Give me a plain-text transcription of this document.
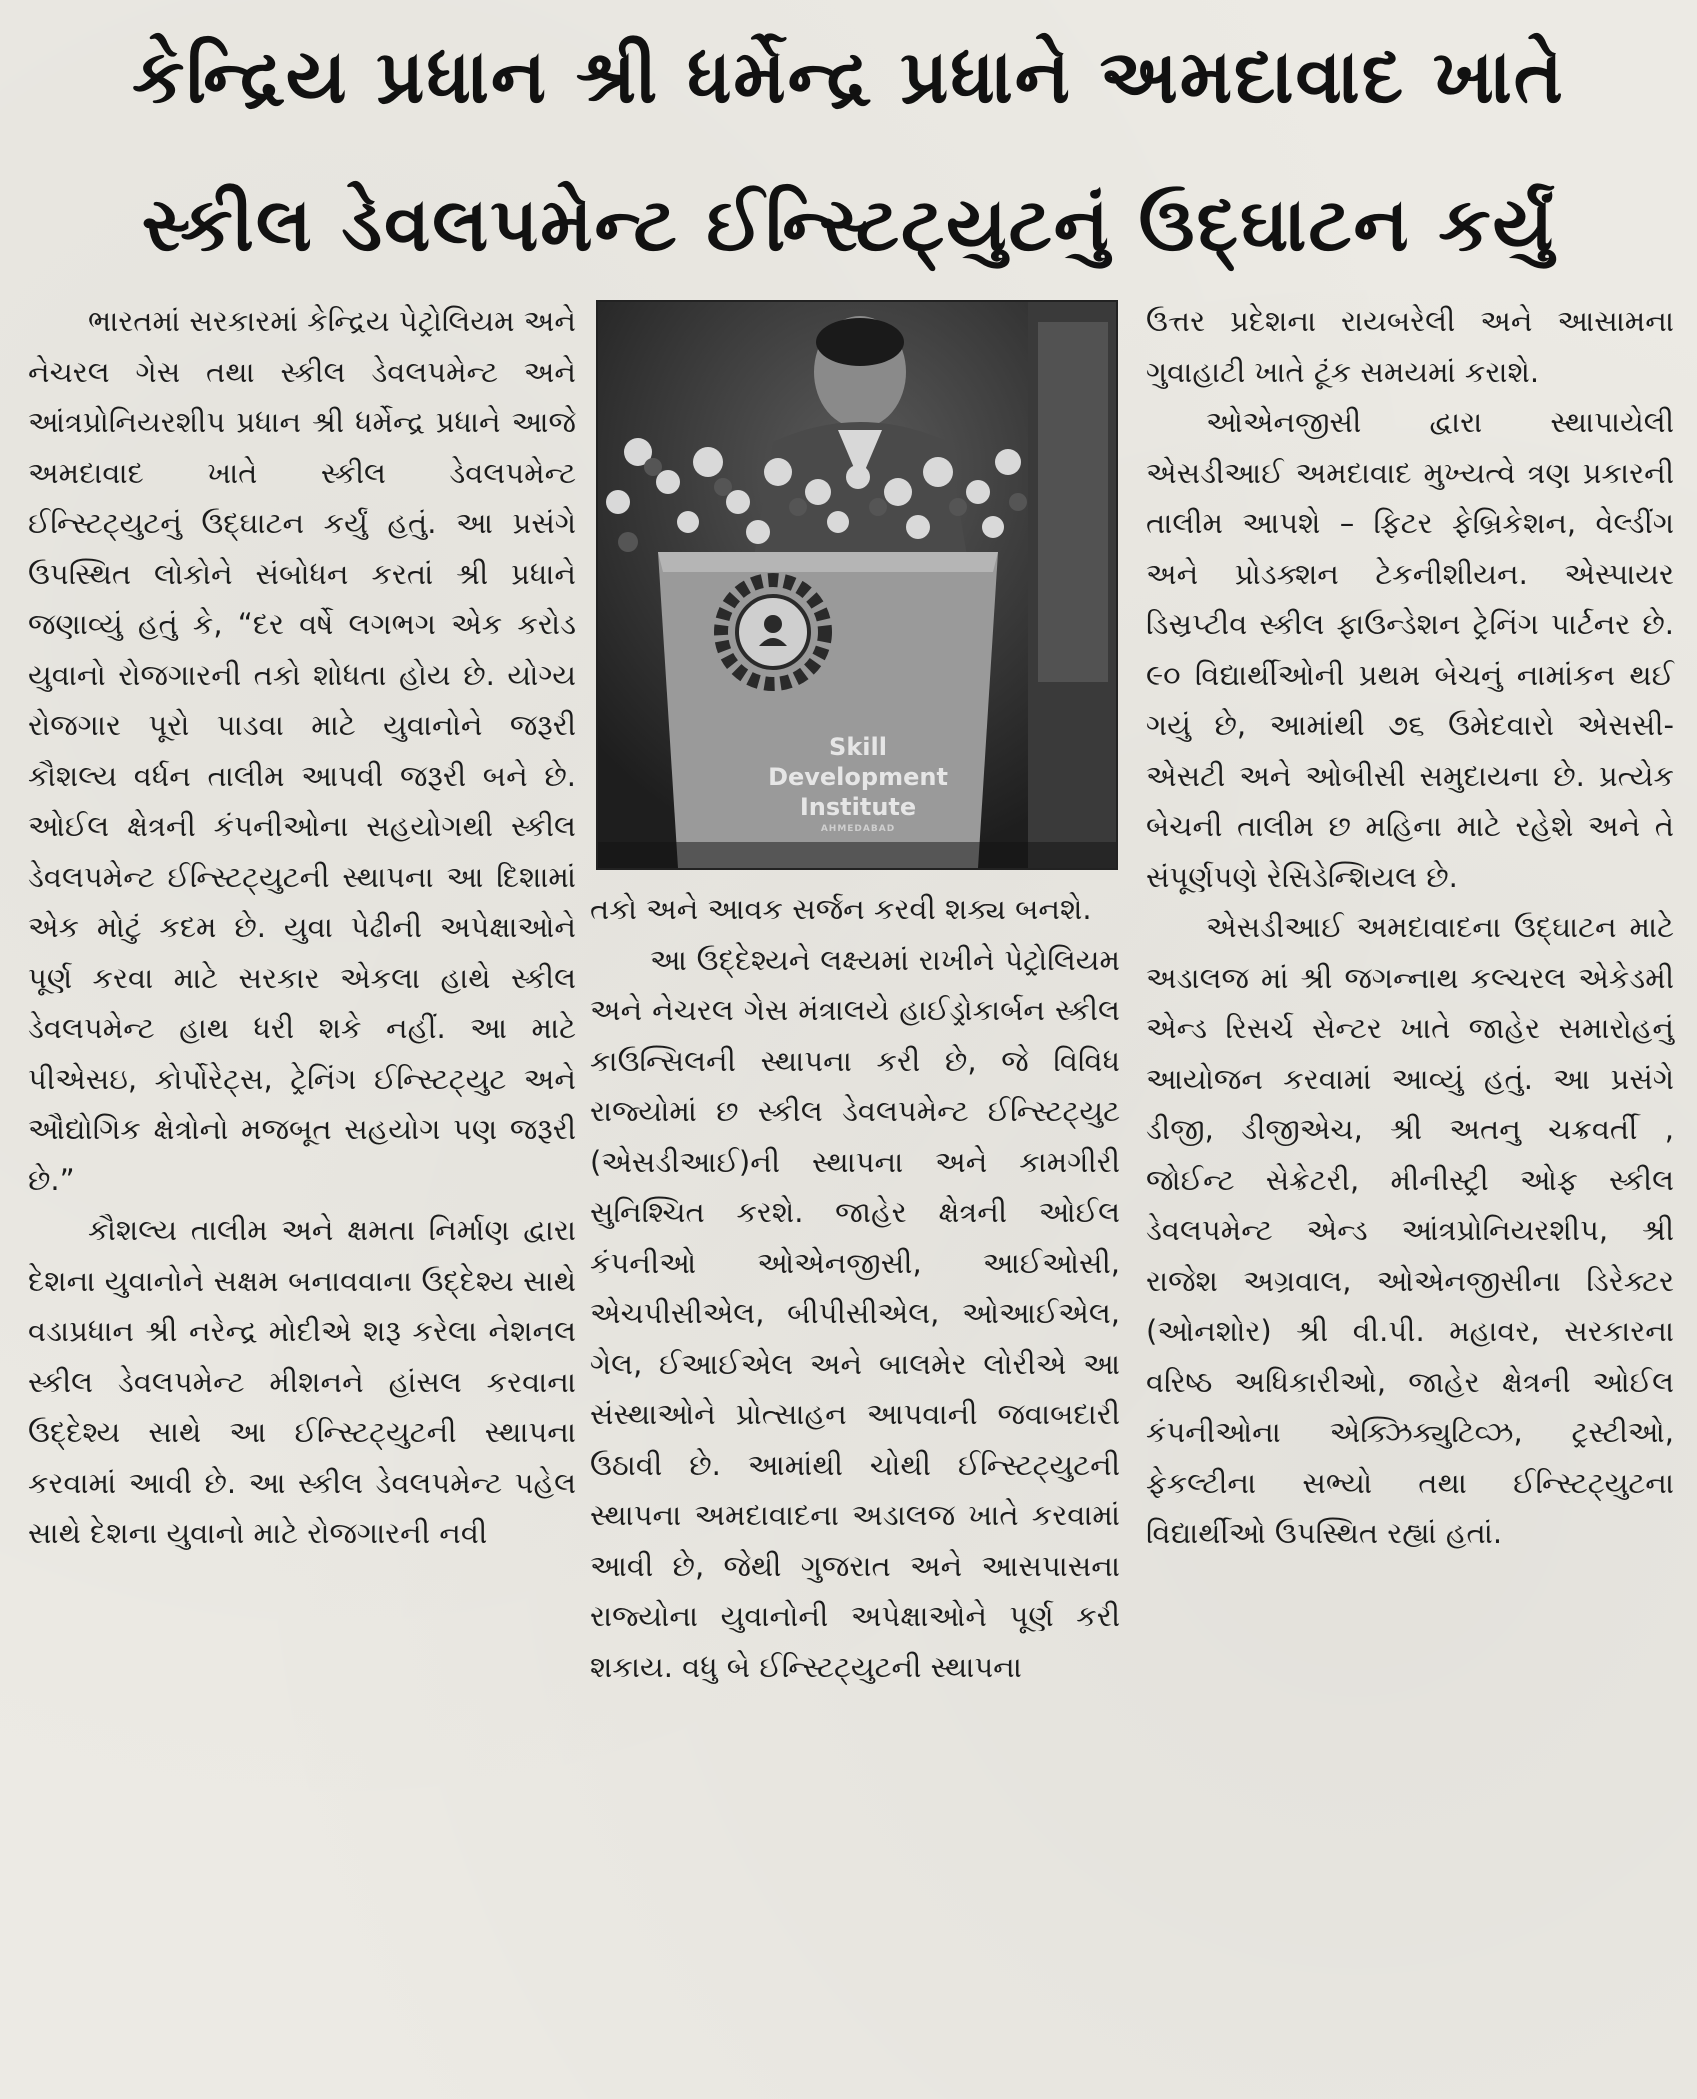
કેન્દ્રિય પ્રધાન શ્રી ધર્મેન્દ્ર પ્રધાને અમદાવાદ ખાતે
સ્કીલ ડેવલપમેન્ટ ઈન્સ્ટિટ્યુટનું ઉદ્ઘાટન કર્યું

ભારતમાં સરકારમાં કેન્દ્રિય પેટ્રોલિયમ અને નેચરલ ગેસ તથા સ્કીલ ડેવલપમેન્ટ અને આંત્રપ્રોનિયરશીપ પ્રધાન શ્રી ધર્મેન્દ્ર પ્રધાને આજે અમદાવાદ ખાતે સ્કીલ ડેવલપમેન્ટ ઈન્સ્ટિટ્યુટનું ઉદ્ઘાટન કર્યું હતું. આ પ્રસંગે ઉપસ્થિત લોકોને સંબોધન કરતાં શ્રી પ્રધાને જણાવ્યું હતું કે, “દર વર્ષે લગભગ એક કરોડ યુવાનો રોજગારની તકો શોધતા હોય છે. યોગ્ય રોજગાર પૂરો પાડવા માટે યુવાનોને જરૂરી કૌશલ્ય વર્ધન તાલીમ આપવી જરૂરી બને છે. ઓઈલ ક્ષેત્રની કંપનીઓના સહયોગથી સ્કીલ ડેવલપમેન્ટ ઈન્સ્ટિટ્યુટની સ્થાપના આ દિશામાં એક મોટું કદમ છે. યુવા પેઢીની અપેક્ષાઓને પૂર્ણ કરવા માટે સરકાર એકલા હાથે સ્કીલ ડેવલપમેન્ટ હાથ ધરી શકે નહીં. આ માટે પીએસઇ, કોર્પોરેટ્સ, ટ્રેનિંગ ઈન્સ્ટિટ્યુટ અને ઔદ્યોગિક ક્ષેત્રોનો મજબૂત સહયોગ પણ જરૂરી છે.”

કૌશલ્ય તાલીમ અને ક્ષમતા નિર્માણ દ્વારા દેશના યુવાનોને સક્ષમ બનાવવાના ઉદ્દેશ્ય સાથે વડાપ્રધાન શ્રી નરેન્દ્ર મોદીએ શરૂ કરેલા નેશનલ સ્કીલ ડેવલપમેન્ટ મીશનને હાંસલ કરવાના ઉદ્દેશ્ય સાથે આ ઈન્સ્ટિટ્યુટની સ્થાપના કરવામાં આવી છે. આ સ્કીલ ડેવલપમેન્ટ પહેલ સાથે દેશના યુવાનો માટે રોજગારની નવી

Skill
Development
Institute
AHMEDABAD

તકો અને આવક સર્જન કરવી શક્ય બનશે.

આ ઉદ્દેશ્યને લક્ષ્યમાં રાખીને પેટ્રોલિયમ અને નેચરલ ગેસ મંત્રાલયે હાઈડ્રોકાર્બન સ્કીલ કાઉન્સિલની સ્થાપના કરી છે, જે વિવિધ રાજ્યોમાં છ સ્કીલ ડેવલપમેન્ટ ઈન્સ્ટિટ્યુટ (એસડીઆઈ)ની સ્થાપના અને કામગીરી સુનિશ્ચિત કરશે. જાહેર ક્ષેત્રની ઓઈલ કંપનીઓ ઓએનજીસી, આઈઓસી, એચપીસીએલ, બીપીસીએલ, ઓઆઈએલ, ગેલ, ઈઆઈએલ અને બાલમેર લોરીએ આ સંસ્થાઓને પ્રોત્સાહન આપવાની જવાબદારી ઉઠાવી છે. આમાંથી ચોથી ઈન્સ્ટિટ્યુટની સ્થાપના અમદાવાદના અડાલજ ખાતે કરવામાં આવી છે, જેથી ગુજરાત અને આસપાસના રાજ્યોના યુવાનોની અપેક્ષાઓને પૂર્ણ કરી શકાય. વધુ બે ઈન્સ્ટિટ્યુટની સ્થાપના

ઉત્તર પ્રદેશના રાયબરેલી અને આસામના ગુવાહાટી ખાતે ટૂંક સમયમાં કરાશે.

ઓએનજીસી દ્વારા સ્થાપાયેલી એસડીઆઈ અમદાવાદ મુખ્યત્વે ત્રણ પ્રકારની તાલીમ આપશે – ફિટર ફેબ્રિકેશન, વેલ્ડીંગ અને પ્રોડક્શન ટેકનીશીયન. એસ્પાયર ડિસ્રપ્ટીવ સ્કીલ ફાઉન્ડેશન ટ્રેનિંગ પાર્ટનર છે. ૯૦ વિદ્યાર્થીઓની પ્રથમ બેચનું નામાંકન થઈ ગયું છે, આમાંથી ૭૬ ઉમેદવારો એસસી-એસટી અને ઓબીસી સમુદાયના છે. પ્રત્યેક બેચની તાલીમ છ મહિના માટે રહેશે અને તે સંપૂર્ણપણે રેસિડેન્શિયલ છે.

એસડીઆઈ અમદાવાદના ઉદ્ઘાટન માટે અડાલજ માં શ્રી જગન્નાથ કલ્ચરલ એકેડમી એન્ડ રિસર્ચ સેન્ટર ખાતે જાહેર સમારોહનું આયોજન કરવામાં આવ્યું હતું. આ પ્રસંગે ડીજી, ડીજીએચ, શ્રી અતનુ ચક્રવર્તી , જોઈન્ટ સેક્રેટરી, મીનીસ્ટ્રી ઓફ સ્કીલ ડેવલપમેન્ટ એન્ડ આંત્રપ્રોનિયરશીપ, શ્રી રાજેશ અગ્રવાલ, ઓએનજીસીના ડિરેક્ટર (ઓનશોર) શ્રી વી.પી. મહાવર, સરકારના વરિષ્ઠ અધિકારીઓ, જાહેર ક્ષેત્રની ઓઈલ કંપનીઓના એક્ઝિક્યુટિવ્ઝ, ટ્રસ્ટીઓ, ફેકલ્ટીના સભ્યો તથા ઈન્સ્ટિટ્યુટના વિદ્યાર્થીઓ ઉપસ્થિત રહ્યાં હતાં.
